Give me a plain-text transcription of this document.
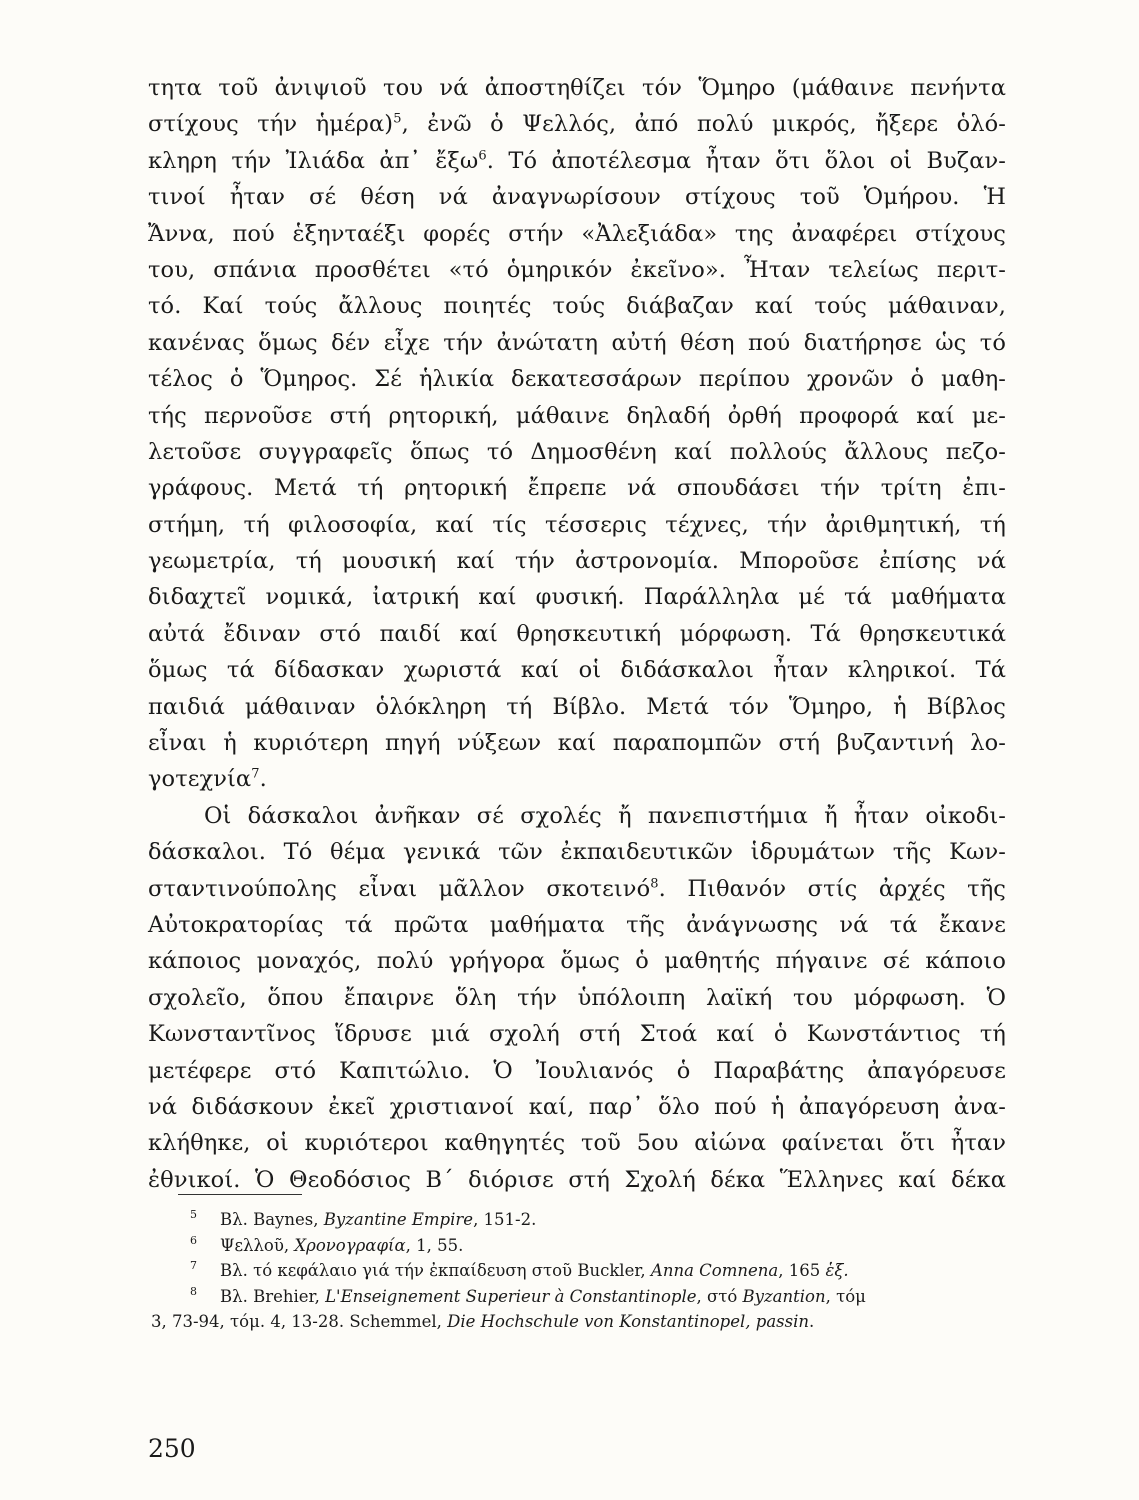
τητα τοῦ ἀνιψιοῦ του νά ἀποστηθίζει τόν Ὅμηρο (μάθαινε πενήντα
στίχους τήν ἡμέρα)$^5$, ἐνῶ ὁ Ψελλός, ἀπό πολύ μικρός, ἤξερε ὁλό-
κληρη τήν Ἰλιάδα ἀπ᾽ ἔξω$^6$. Τό ἀποτέλεσμα ἦταν ὅτι ὅλοι οἱ Βυζαν-
τινοί ἦταν σέ θέση νά ἀναγνωρίσουν στίχους τοῦ Ὁμήρου. Ἡ
Ἄννα, πού ἑξηνταέξι φορές στήν «Ἀλεξιάδα» της ἀναφέρει στίχους
του, σπάνια προσθέτει «τό ὁμηρικόν ἐκεῖνο». Ἦταν τελείως περιτ-
τό. Καί τούς ἄλλους ποιητές τούς διάβαζαν καί τούς μάθαιναν,
κανένας ὅμως δέν εἶχε τήν ἀνώτατη αὐτή θέση πού διατήρησε ὡς τό
τέλος ὁ Ὅμηρος. Σέ ἡλικία δεκατεσσάρων περίπου χρονῶν ὁ μαθη-
τής περνοῦσε στή ρητορική, μάθαινε δηλαδή ὀρθή προφορά καί με-
λετοῦσε συγγραφεῖς ὅπως τό Δημοσθένη καί πολλούς ἄλλους πεζο-
γράφους. Μετά τή ρητορική ἔπρεπε νά σπουδάσει τήν τρίτη ἐπι-
στήμη, τή φιλοσοφία, καί τίς τέσσερις τέχνες, τήν ἀριθμητική, τή
γεωμετρία, τή μουσική καί τήν ἀστρονομία. Μποροῦσε ἐπίσης νά
διδαχτεῖ νομικά, ἰατρική καί φυσική. Παράλληλα μέ τά μαθήματα
αὐτά ἔδιναν στό παιδί καί θρησκευτική μόρφωση. Τά θρησκευτικά
ὅμως τά δίδασκαν χωριστά καί οἱ διδάσκαλοι ἦταν κληρικοί. Τά
παιδιά μάθαιναν ὁλόκληρη τή Βίβλο. Μετά τόν Ὅμηρο, ἡ Βίβλος
εἶναι ἡ κυριότερη πηγή νύξεων καί παραπομπῶν στή βυζαντινή λο-
γοτεχνία$^7$.
Οἱ δάσκαλοι ἀνῆκαν σέ σχολές ἤ πανεπιστήμια ἤ ἦταν οἰκοδι-
δάσκαλοι. Τό θέμα γενικά τῶν ἐκπαιδευτικῶν ἱδρυμάτων τῆς Κων-
σταντινούπολης εἶναι μᾶλλον σκοτεινό$^8$. Πιθανόν στίς ἀρχές τῆς
Αὐτοκρατορίας τά πρῶτα μαθήματα τῆς ἀνάγνωσης νά τά ἔκανε
κάποιος μοναχός, πολύ γρήγορα ὅμως ὁ μαθητής πήγαινε σέ κάποιο
σχολεῖο, ὅπου ἔπαιρνε ὅλη τήν ὑπόλοιπη λαϊκή του μόρφωση. Ὁ
Κωνσταντῖνος ἵδρυσε μιά σχολή στή Στοά καί ὁ Κωνστάντιος τή
μετέφερε στό Καπιτώλιο. Ὁ Ἰουλιανός ὁ Παραβάτης ἀπαγόρευσε
νά διδάσκουν ἐκεῖ χριστιανοί καί, παρ᾽ ὅλο πού ἡ ἀπαγόρευση ἀνα-
κλήθηκε, οἱ κυριότεροι καθηγητές τοῦ 5ου αἰώνα φαίνεται ὅτι ἦταν
ἐθνικοί. Ὁ Θεοδόσιος Β΄ διόρισε στή Σχολή δέκα Ἕλληνες καί δέκα
5 Βλ. Baynes, Byzantine Empire, 151-2.
6 Ψελλοῦ, Χρονογραφία, 1, 55.
7 Βλ. τό κεφάλαιο γιά τήν ἐκπαίδευση στοῦ Buckler, Anna Comnena, 165 ἑξ.
8 Βλ. Brehier, L'Enseignement Superieur à Constantinople, στό Byzantion, τόμ
3, 73-94, τόμ. 4, 13-28. Schemmel, Die Hochschule von Konstantinopel, passin.
250
